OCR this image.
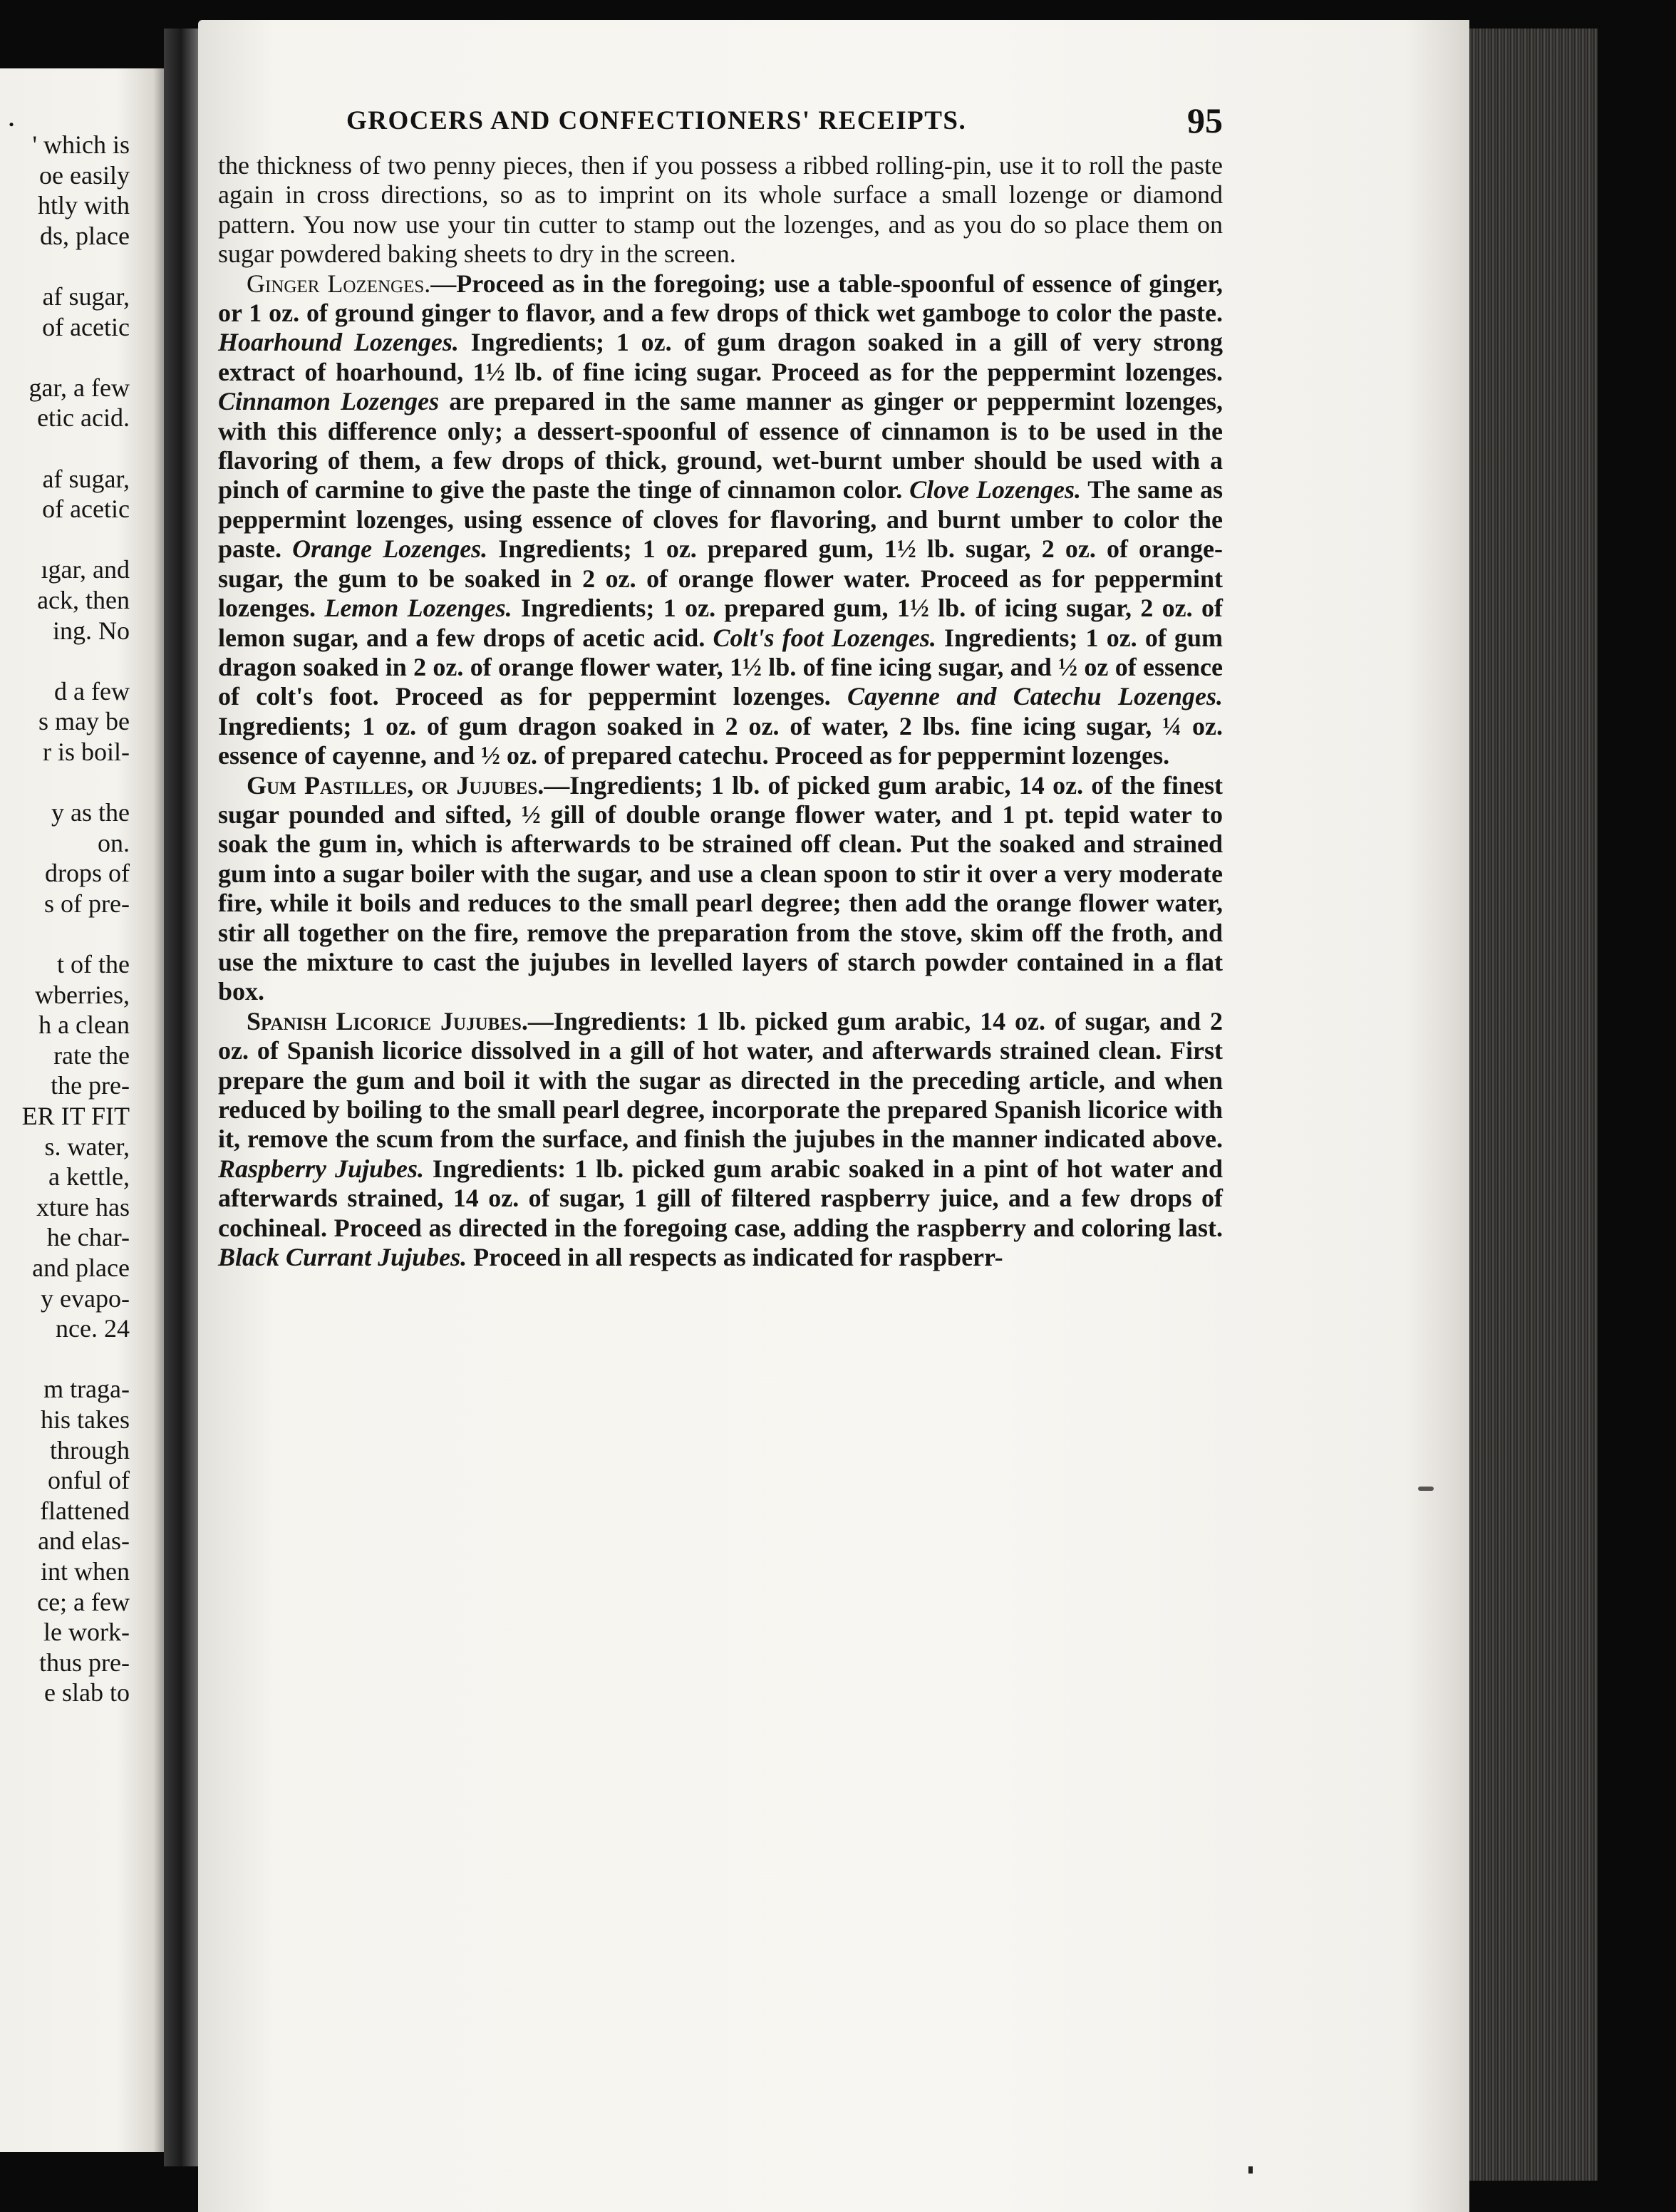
.
' which is
oe easily
htly with
ds, place
af sugar,
of acetic
gar, a few
etic acid.
af sugar,
of acetic
ıgar, and
ack, then
ing. No
d a few
s may be
r is boil-
y as the
on.
drops of
s of pre-
t of the
wberries,
h a clean
rate the
the pre-
ER IT FIT
s. water,
a kettle,
xture has
he char-
and place
y evapo-
nce. 24
m traga-
his takes
through
onful of
flattened
and elas-
int when
ce; a few
le work-
thus pre-
e slab to
GROCERS AND CONFECTIONERS' RECEIPTS.	95

the thickness of two penny pieces, then if you possess a ribbed rolling-pin, use it to roll the paste again in cross directions, so as to imprint on its whole surface a small lozenge or diamond pattern. You now use your tin cutter to stamp out the lozenges, and as you do so place them on sugar powdered baking sheets to dry in the screen.

Ginger Lozenges.—Proceed as in the foregoing; use a table-spoonful of essence of ginger, or 1 oz. of ground ginger to flavor, and a few drops of thick wet gamboge to color the paste. Hoarhound Lozenges. Ingredients; 1 oz. of gum dragon soaked in a gill of very strong extract of hoarhound, 1½ lb. of fine icing sugar. Proceed as for the peppermint lozenges. Cinnamon Lozenges are prepared in the same manner as ginger or peppermint lozenges, with this difference only; a dessert-spoonful of essence of cinnamon is to be used in the flavoring of them, a few drops of thick, ground, wet-burnt umber should be used with a pinch of carmine to give the paste the tinge of cinnamon color. Clove Lozenges. The same as peppermint lozenges, using essence of cloves for flavoring, and burnt umber to color the paste. Orange Lozenges. Ingredients; 1 oz. prepared gum, 1½ lb. sugar, 2 oz. of orange-sugar, the gum to be soaked in 2 oz. of orange flower water. Proceed as for peppermint lozenges. Lemon Lozenges. Ingredients; 1 oz. prepared gum, 1½ lb. of icing sugar, 2 oz. of lemon sugar, and a few drops of acetic acid. Colt's foot Lozenges. Ingredients; 1 oz. of gum dragon soaked in 2 oz. of orange flower water, 1½ lb. of fine icing sugar, and ½ oz of essence of colt's foot. Proceed as for peppermint lozenges. Cayenne and Catechu Lozenges. Ingredients; 1 oz. of gum dragon soaked in 2 oz. of water, 2 lbs. fine icing sugar, ¼ oz. essence of cayenne, and ½ oz. of prepared catechu. Proceed as for peppermint lozenges.

Gum Pastilles, or Jujubes.—Ingredients; 1 lb. of picked gum arabic, 14 oz. of the finest sugar pounded and sifted, ½ gill of double orange flower water, and 1 pt. tepid water to soak the gum in, which is afterwards to be strained off clean. Put the soaked and strained gum into a sugar boiler with the sugar, and use a clean spoon to stir it over a very moderate fire, while it boils and reduces to the small pearl degree; then add the orange flower water, stir all together on the fire, remove the preparation from the stove, skim off the froth, and use the mixture to cast the jujubes in levelled layers of starch powder contained in a flat box.

Spanish Licorice Jujubes.—Ingredients: 1 lb. picked gum arabic, 14 oz. of sugar, and 2 oz. of Spanish licorice dissolved in a gill of hot water, and afterwards strained clean. First prepare the gum and boil it with the sugar as directed in the preceding article, and when reduced by boiling to the small pearl degree, incorporate the prepared Spanish licorice with it, remove the scum from the surface, and finish the jujubes in the manner indicated above. Raspberry Jujubes. Ingredients: 1 lb. picked gum arabic soaked in a pint of hot water and afterwards strained, 14 oz. of sugar, 1 gill of filtered raspberry juice, and a few drops of cochineal. Proceed as directed in the foregoing case, adding the raspberry and coloring last. Black Currant Jujubes. Proceed in all respects as indicated for raspberr-
